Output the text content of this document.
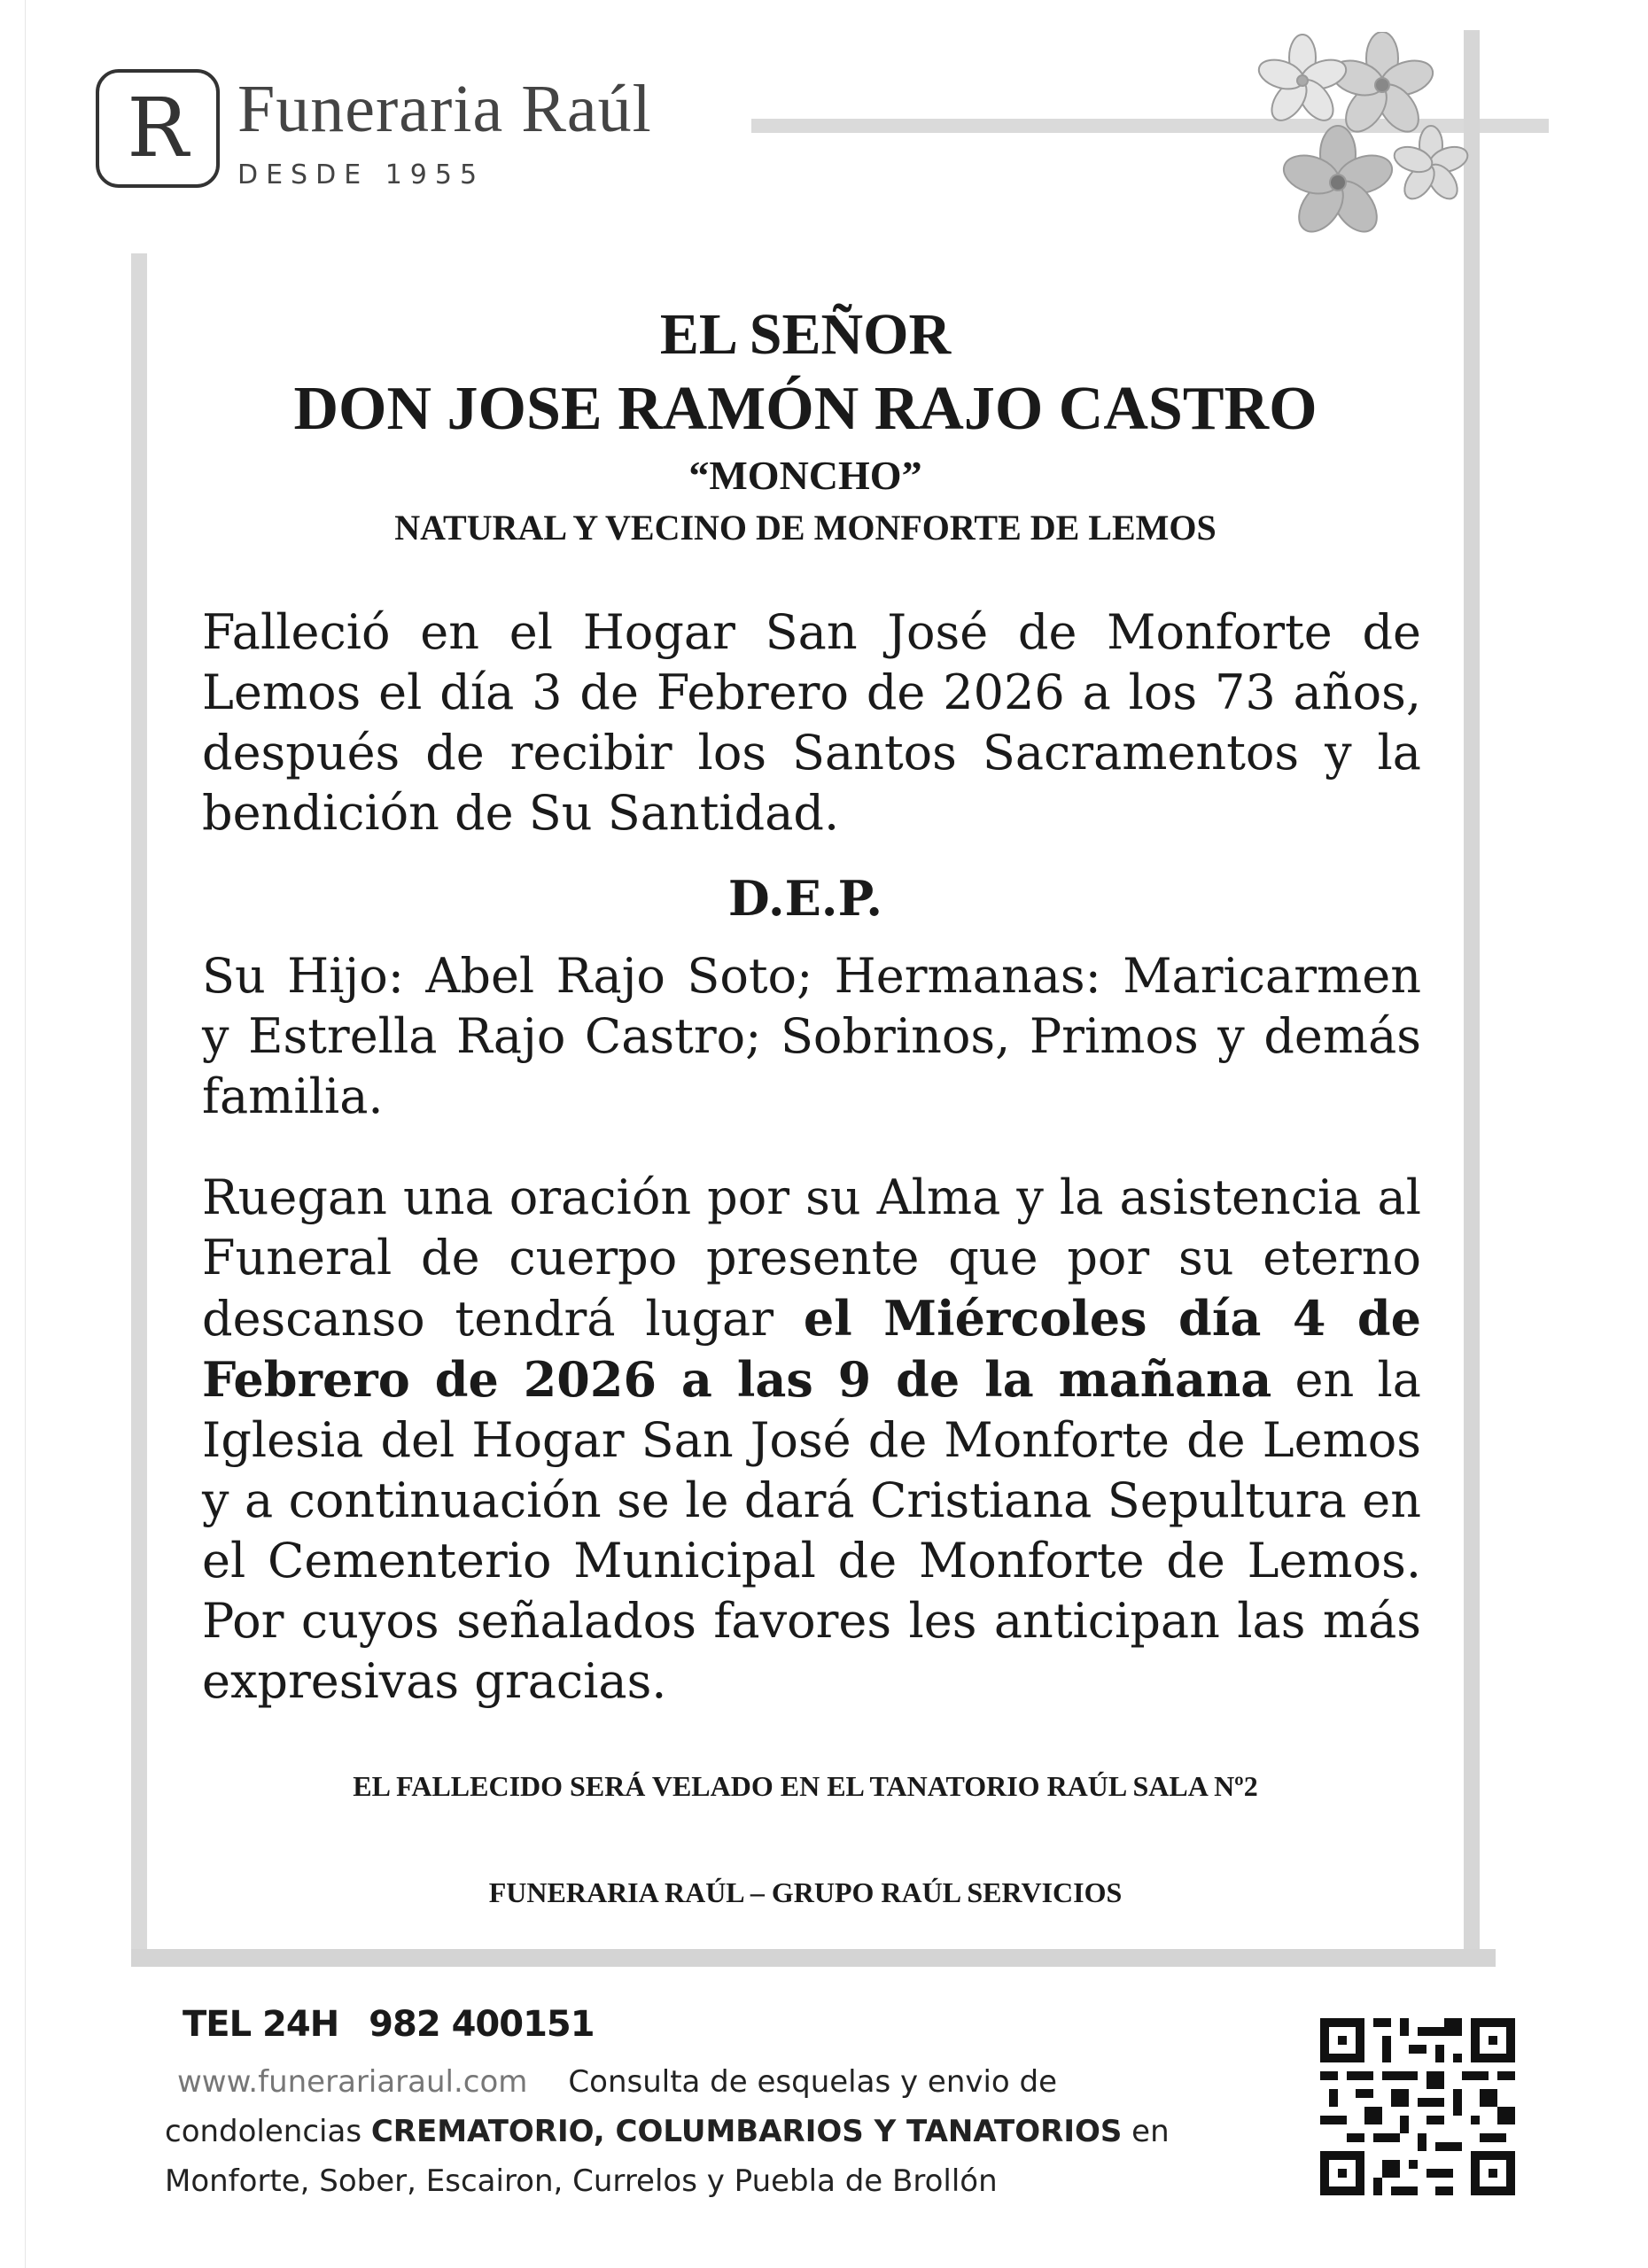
R Funeraria Raúl
DESDE 1955
EL SEÑOR
DON JOSE RAMÓN RAJO CASTRO
“MONCHO”
NATURAL Y VECINO DE MONFORTE DE LEMOS

Falleció en el Hogar San José de Monforte de Lemos el día 3 de Febrero de 2026 a los 73 años, después de recibir los Santos Sacramentos y la bendición de Su Santidad.

D.E.P.

Su Hijo: Abel Rajo Soto; Hermanas: Maricarmen y Estrella Rajo Castro; Sobrinos, Primos y demás familia.

Ruegan una oración por su Alma y la asistencia al Funeral de cuerpo presente que por su eterno descanso tendrá lugar el Miércoles día 4 de Febrero de 2026 a las 9 de la mañana en la Iglesia del Hogar San José de Monforte de Lemos y a continuación se le dará Cristiana Sepultura en el Cementerio Municipal de Monforte de Lemos. Por cuyos señalados favores les anticipan las más expresivas gracias.

EL FALLECIDO SERÁ VELADO EN EL TANATORIO RAÚL SALA Nº2
FUNERARIA RAÚL – GRUPO RAÚL SERVICIOS
TEL 24H 982 400151
www.funerariaraul.com Consulta de esquelas y envio de
condolencias CREMATORIO, COLUMBARIOS Y TANATORIOS en
Monforte, Sober, Escairon, Currelos y Puebla de Brollón
